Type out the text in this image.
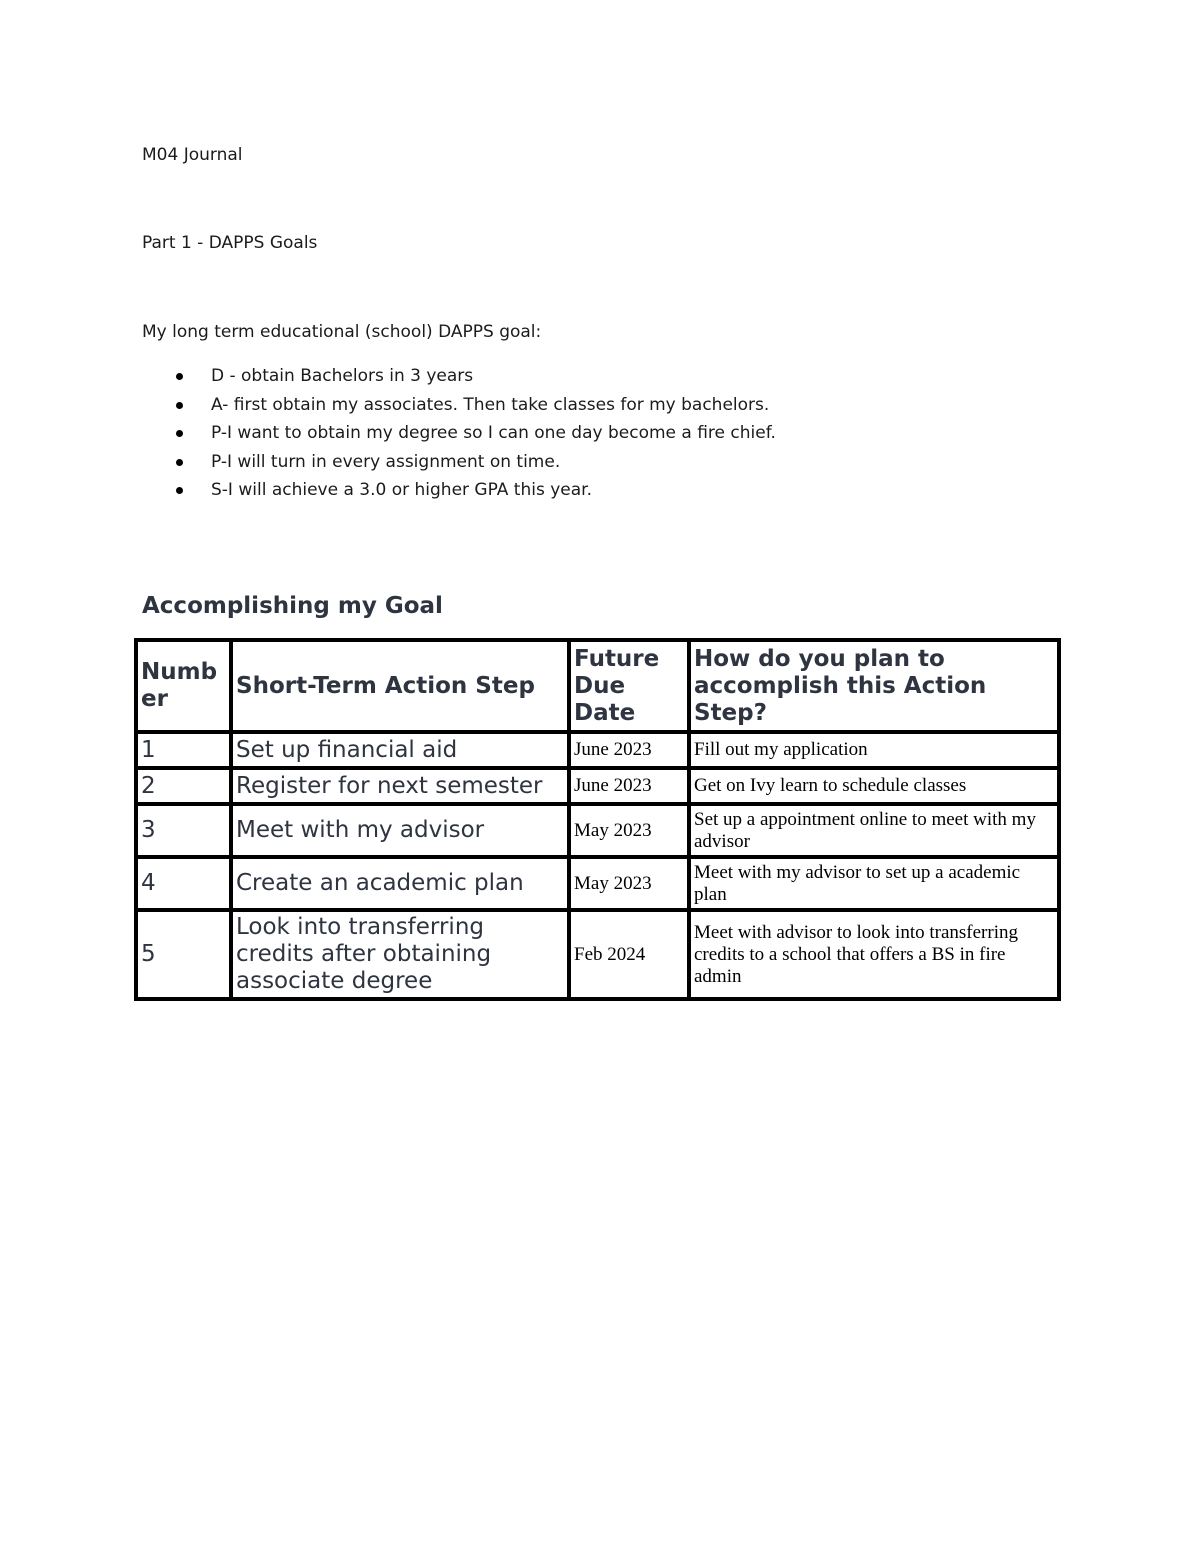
M04 Journal
Part 1 - DAPPS Goals
My long term educational (school) DAPPS goal:
D - obtain Bachelors in 3 years
A- first obtain my associates. Then take classes for my bachelors.
P-I want to obtain my degree so I can one day become a fire chief.
P-I will turn in every assignment on time.
S-I will achieve a 3.0 or higher GPA this year.
Accomplishing my Goal
Numb er	Short-Term Action Step	Future Due Date	How do you plan to accomplish this Action Step?
1	Set up financial aid	June 2023	Fill out my application
2	Register for next semester	June 2023	Get on Ivy learn to schedule classes
3	Meet with my advisor	May 2023	Set up a appointment online to meet with my advisor
4	Create an academic plan	May 2023	Meet with my advisor to set up a academic plan
5	Look into transferring credits after obtaining associate degree	Feb 2024	Meet with advisor to look into transferring credits to a school that offers a BS in fire admin
